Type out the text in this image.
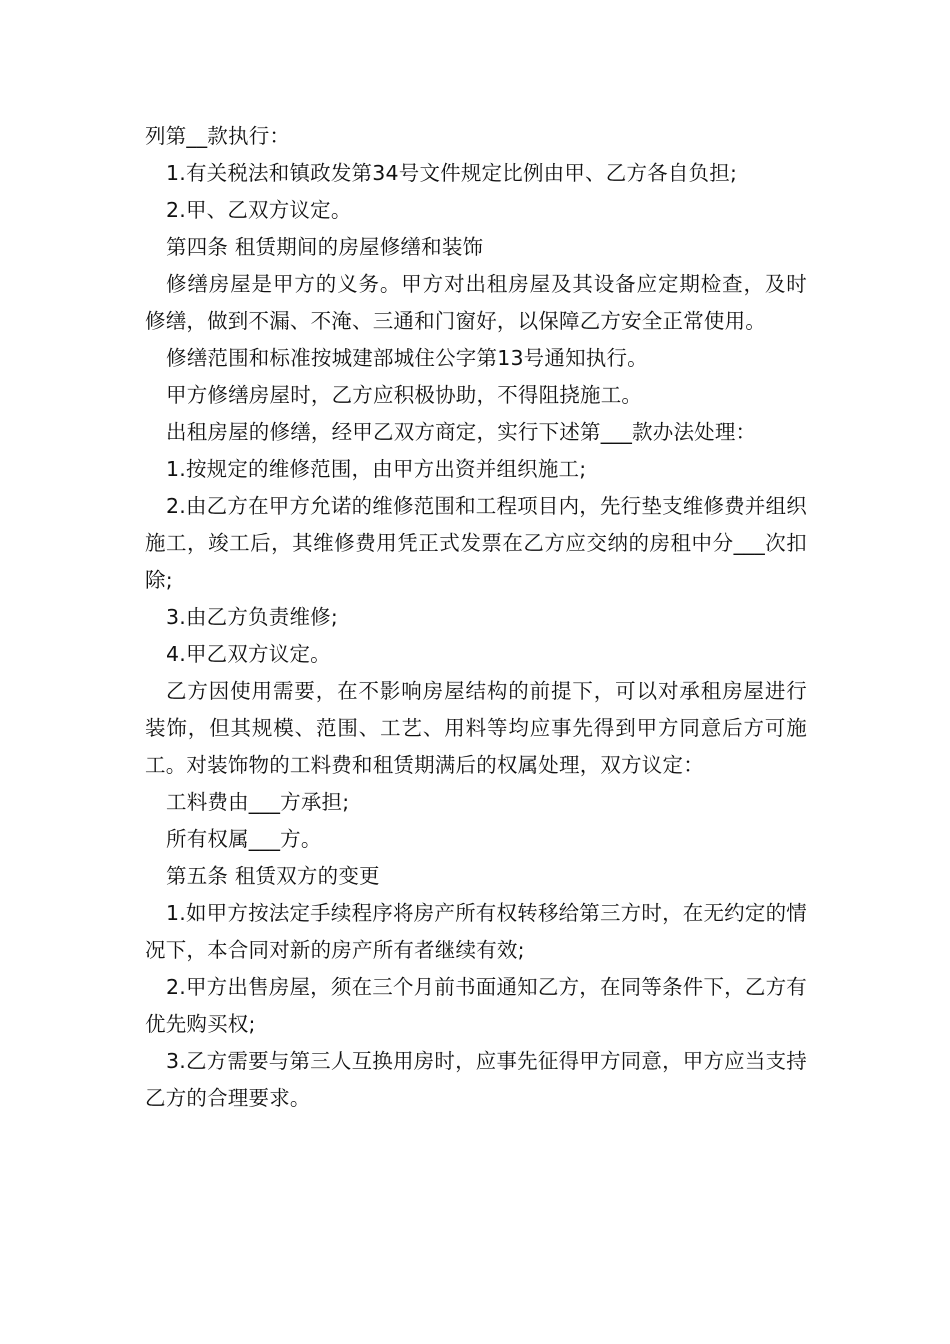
列第__款执行：

1.有关税法和镇政发第34号文件规定比例由甲、乙方各自负担;

2.甲、乙双方议定。

第四条 租赁期间的房屋修缮和装饰

修缮房屋是甲方的义务。甲方对出租房屋及其设备应定期检查，及时修缮，做到不漏、不淹、三通和门窗好，以保障乙方安全正常使用。

修缮范围和标准按城建部城住公字第13号通知执行。

甲方修缮房屋时，乙方应积极协助，不得阻挠施工。

出租房屋的修缮，经甲乙双方商定，实行下述第___款办法处理：

1.按规定的维修范围，由甲方出资并组织施工;

2.由乙方在甲方允诺的维修范围和工程项目内，先行垫支维修费并组织施工，竣工后，其维修费用凭正式发票在乙方应交纳的房租中分___次扣除;

3.由乙方负责维修;

4.甲乙双方议定。

乙方因使用需要，在不影响房屋结构的前提下，可以对承租房屋进行装饰，但其规模、范围、工艺、用料等均应事先得到甲方同意后方可施工。对装饰物的工料费和租赁期满后的权属处理，双方议定：

工料费由___方承担;

所有权属___方。

第五条 租赁双方的变更

1.如甲方按法定手续程序将房产所有权转移给第三方时，在无约定的情况下，本合同对新的房产所有者继续有效;

2.甲方出售房屋，须在三个月前书面通知乙方，在同等条件下，乙方有优先购买权;

3.乙方需要与第三人互换用房时，应事先征得甲方同意，甲方应当支持乙方的合理要求。
